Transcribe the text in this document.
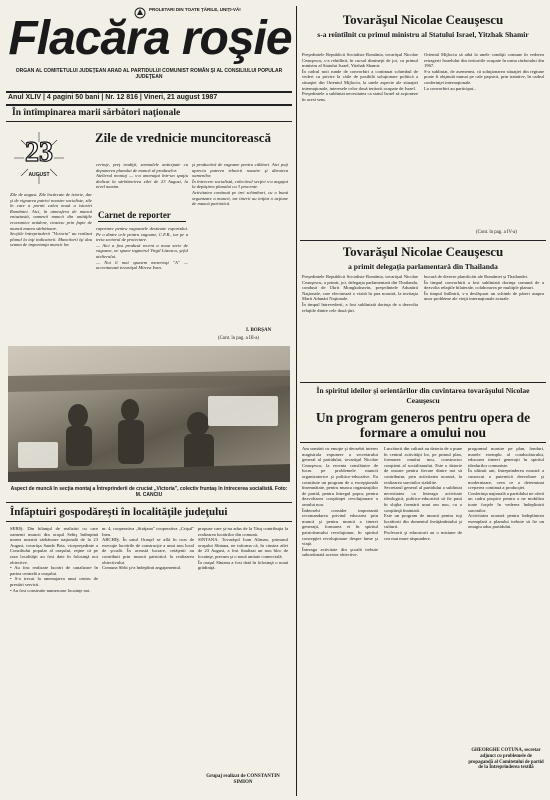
PROLETARI DIN TOATE ŢĂRILE, UNIŢI-VĂ!
Flacăra roşie
ORGAN AL COMITETULUI JUDEŢEAN ARAD AL PARTIDULUI COMUNIST ROMÂN ŞI AL CONSILIULUI POPULAR JUDEŢEAN
Anul XLIV | 4 pagini 50 bani | Nr. 12 816 | Vineri, 21 august 1987
În întîmpinarea marii sărbători naţionale
23
AUGUST
Zile de vrednicie muncitorească
Zile de august. Zile încărcate de istorie, dar şi de vigoarea patriei noastre socialiste, zile în care a pornit calea nouă a istoriei României. Aici, în atmosfera de muncă entuziastă, oamenii muncii din unităţile economice arădene, cinstesc prin fapte de muncă marea sărbătoare.
Secţiile întreprinderii "Victoria" au realizat planul la toţi indicatorii. Muncitorii îşi dau seama de importanţa muncii lor.
cerinţe, preţ tradiţii, semnalele anticipate cu depunerea planului de muncă al produselor.
Atelierul montaj — s-a amenajat într-un spaţiu dedicat la sărbătorirea zilei de 23 August, la nivel maxim.
Carnet de reporter
raportare pentru vagoanele destinate exportului. Pe o dintre cele pentru vagoane, C.F.R., iar pe a treia sectorul de proiectare.
— Aici a fost produsă recent a noua serie de vagoane, ne spune inginerul Virgil Lăzescu, şeful atelierului.
— Noi îi mai spunem meseriaşi "A" — accentuează tovarăşul Mircea Ivan.
şi productivă de vagoane pentru călători. Aici poţi aprecia puterea tehnicii noastre şi dăruirea oamenilor.
În întrecere socialistă, colectivul secţiei s-a angajat la depăşirea planului cu 3 procente.
Activitatea continuă pe trei schimburi, cu o bună organizare a muncii, iar tinerii au iniţiat o acţiune de muncă patriotică.
I. BORŞAN
(Cont. în pag. a III-a)
Aspect de muncă în secţia montaj a Întreprinderii de cruciat „Victoria", colectiv fruntaş în întrecerea socialistă. Foto: M. CANCIU
Înfăptuiri gospodăreşti în localităţile judeţului
SEBIŞ. Din bilanţul de realizări cu care oamenii muncii din oraşul Sebiş întîmpină marea noastră sărbătoare naţională de la 23 August, tovarăşa Sanda Bria, vicepreşedinte a Consiliului popular al oraşului, reţine că pe raza localităţii au fost date în folosinţă noi obiective.
• Au fost realizate lucrări de canalizare în partea centrală a oraşului.
• S-a trecut la amenajarea unui centru de prestări servicii.
• Au fost construite numeroase locuinţe noi.
nr. 4, cooperativa „Străjana" cooperativa „Crişul" Ineu.
ARCHIŞ. În satul Orasţel se află în curs de execuţie lucrările de construcţie a unui nou local de şcoală. În această lucrare, cetăţenii au contribuit prin muncă patriotică la realizarea obiectivului.
Comuna Sîrbi şi-a îndeplinit angajamentul.
propuse care şi-au adus de la Tăuţ contribuţia la realizarea lucrărilor din comună.
SîNTANA. Tovarăşul Ioan Aliman, primarul oraşului Sîntana, ne informa că, în cinstea zilei de 23 August, a fost finalizat un nou bloc de locuinţe, precum şi o nouă unitate comercială.
În oraşul Sîntana a fost dată în folosinţă o nouă grădiniţă.
Grupaj realizat de CONSTANTIN SIMION
Tovarăşul Nicolae Ceauşescu
s-a reîntîlnit cu primul ministru al Statului Israel, Yitzhak Shamir
Preşedintele Republicii Socialiste România, tovarăşul Nicolae Ceauşescu, s-a reîntîlnit, în cursul dimineţii de joi, cu primul ministru al Statului Israel, Yitzhak Shamir.
În cadrul noii runde de convorbiri a continuat schimbul de vederi cu privire la căile de posibilă soluţionare politică a situaţiei din Orientul Mijlociu, la unele aspecte ale situaţiei internaţionale, interesele celor două teritorii ocupate de Israel.
Preşedintele a subliniat necesitatea ca statul Israel să acţioneze în acest sens.
Oriental Mijlociu să aibă la unele condiţii comune în vederea retragerii Israelului din teritoriile ocupate în urma războiului din 1967.
S-a subliniat, de asemenea, că soluţionarea situaţiei din regiune poate fi obţinută numai pe cale paşnică, prin tratative, în cadrul conferinţei internaţionale.
La convorbiri au participat...
(Cont. în pag. a IV-a)
Tovarăşul Nicolae Ceauşescu
a primit delegaţia parlamentară din Thailanda
Preşedintele Republicii Socialiste România, tovarăşul Nicolae Ceauşescu, a primit, joi, delegaţia parlamentară din Thailanda, condusă de Ukrit Mongkolnavin, preşedintele Adunării Naţionale, care efectuează o vizită în ţara noastră, la invitaţia Marii Adunări Naţionale.
În timpul întrevederii, a fost subliniată dorinţa de a dezvolta relaţiile dintre cele două ţări.
bucură de diverse planificări ale României şi Thailandei.
În timpul convorbirii a fost subliniată dorinţa comună de a dezvolta relaţiile bilaterale, colaborarea pe multiple planuri.
În timpul întîlnirii, s-a desfăşurat un schimb de păreri asupra unor probleme ale vieţii internaţionale actuale.
În spiritul ideilor şi orientărilor din cuvîntarea tovarăşului Nicolae Ceauşescu
Un program generos pentru opera de formare a omului nou
Am urmărit cu emoţie şi deosebit interes magistrala expunere a secretarului general al partidului, tovarăşul Nicolae Ceauşescu, la recenta consfătuire de lucru pe problemele muncii organizatorice şi politico-educative. Ea constituie un program de o excepţională însemnătate, pentru munca organizaţiilor de partid, pentru întregul popor, pentru dezvoltarea conştiinţei revoluţionare a omului nou.
Îndeosebi consider importantă recomandarea privind educarea prin muncă şi pentru muncă a tinerei generaţii, formarea ei în spiritul patriotismului revoluţionar, în spiritul concepţiei revoluţionare despre lume şi viaţă.
Întreaga activitate din şcoală trebuie subordonată acestor obiective.
Lucrătorii din cultură au datoria de a pune în centrul activităţii lor, pe primul plan, formarea omului nou, constructor conştient al socialismului. Este o datorie de onoare pentru fiecare dintre noi să contribuim, prin activitatea noastră, la realizarea sarcinilor stabilite.
Secretarul general al partidului a subliniat necesitatea ca întreaga activitate ideologică, politico-educativă să fie pusă în slujba formării unui om nou, cu o conştiinţă înaintată.
Este un program de muncă pentru toţi lucrătorii din domeniul învăţămîntului şi culturii.
Profesorii şi educatorii au o misiune de cea mai mare răspundere.
programul noastre pe plan, fonduri, marele exemplu al conducătorului, educarea tinerei generaţii în spiritul idealurilor comuniste.
În ultimii ani, întreprinderea noastră a cunoscut o puternică dezvoltare şi modernizare, ceea ce a determinat creşterea continuă a producţiei.
Conferinţa naţională a partidului ne oferă un cadru propice pentru a ne mobiliza toate forţele în vederea îndeplinirii sarcinilor.
Activitatea noastră pentru îndeplinirea exemplară a planului trebuie să fie un omagiu adus partidului.
GHEORGHE COTUNA, secretar adjunct cu problemele de propagandă al Comitetului de partid de la Întreprinderea textilă
